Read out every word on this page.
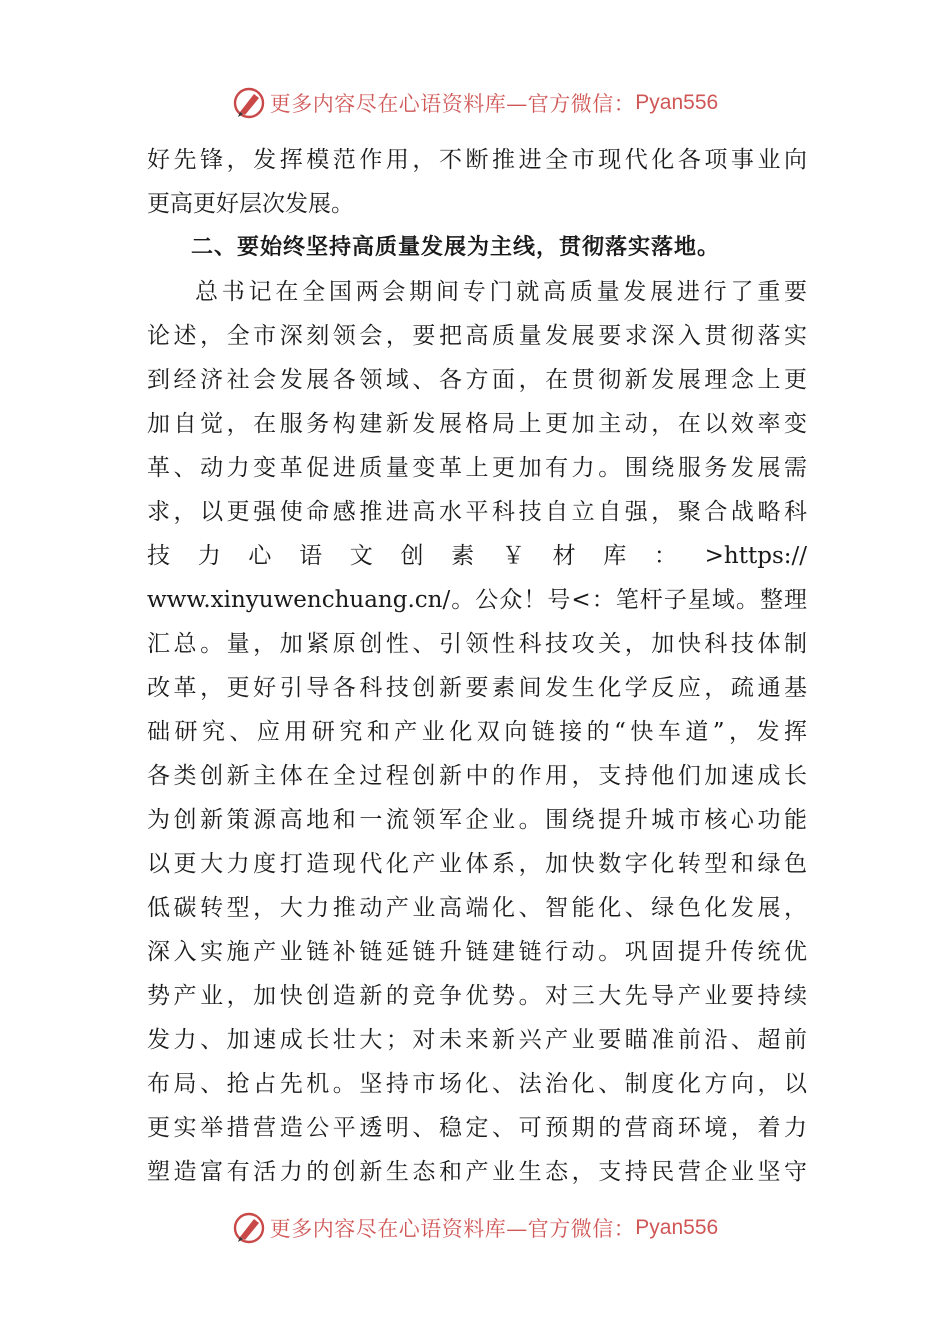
更多内容尽在心语资料库—官方微信： Pyan556
好先锋，发挥模范作用，不断推进全市现代化各项事业向
更高更好层次发展。
二、要始终坚持高质量发展为主线，贯彻落实落地。
总书记在全国两会期间专门就高质量发展进行了重要
论述，全市深刻领会，要把高质量发展要求深入贯彻落实
到经济社会发展各领域、各方面，在贯彻新发展理念上更
加自觉，在服务构建新发展格局上更加主动，在以效率变
革、动力变革促进质量变革上更加有力。围绕服务发展需
求，以更强使命感推进高水平科技自立自强，聚合战略科
技 力 心 语 文 创 素 ￥ 材 库 ： >https://
www.xinyuwenchuang.cn/。公众！号<：笔杆子星域。整理
汇总。量，加紧原创性、引领性科技攻关，加快科技体制
改革，更好引导各科技创新要素间发生化学反应，疏通基
础研究、应用研究和产业化双向链接的“快车道”，发挥
各类创新主体在全过程创新中的作用，支持他们加速成长
为创新策源高地和一流领军企业。围绕提升城市核心功能
以更大力度打造现代化产业体系，加快数字化转型和绿色
低碳转型，大力推动产业高端化、智能化、绿色化发展，
深入实施产业链补链延链升链建链行动。巩固提升传统优
势产业，加快创造新的竞争优势。对三大先导产业要持续
发力、加速成长壮大；对未来新兴产业要瞄准前沿、超前
布局、抢占先机。坚持市场化、法治化、制度化方向，以
更实举措营造公平透明、稳定、可预期的营商环境，着力
塑造富有活力的创新生态和产业生态，支持民营企业坚守
更多内容尽在心语资料库—官方微信： Pyan556
